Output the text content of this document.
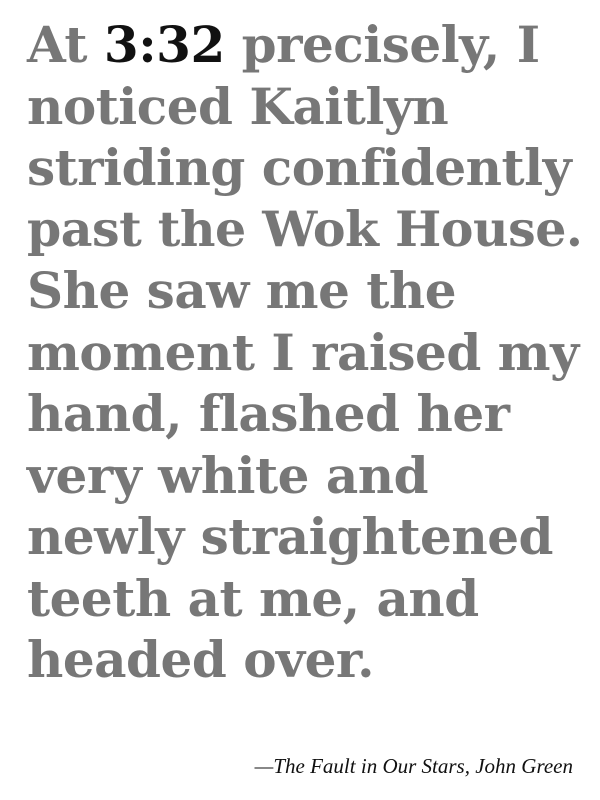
At 3:32 precisely, I
noticed Kaitlyn
striding confidently
past the Wok House.
She saw me the
moment I raised my
hand, flashed her
very white and
newly straightened
teeth at me, and
headed over.

—The Fault in Our Stars, John Green
